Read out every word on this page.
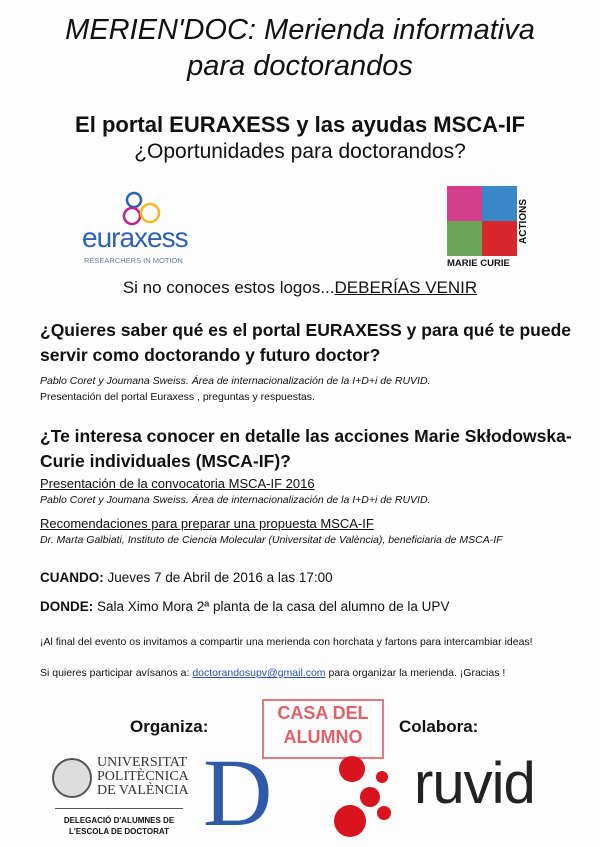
MERIEN'DOC: Merienda informativa
para doctorandos
El portal EURAXESS y las ayudas MSCA-IF
¿Oportunidades para doctorandos?
euraxess
RESEARCHERS IN MOTION
ACTIONS
MARIE CURIE
Si no conoces estos logos...DEBERÍAS VENIR
¿Quieres saber qué es el portal EURAXESS y para qué te puede
servir como doctorando y futuro doctor?
Pablo Coret y Joumana Sweiss. Área de internacionalización de la I+D+i de RUVID.
Presentación del portal Euraxess , preguntas y respuestas.
¿Te interesa conocer en detalle las acciones Marie Skłodowska-
Curie individuales (MSCA-IF)?
Presentación de la convocatoria MSCA-IF 2016
Pablo Coret y Joumana Sweiss. Área de internacionalización de la I+D+i de RUVID.
Recomendaciones para preparar una propuesta MSCA-IF
Dr. Marta Galbiati, Instituto de Ciencia Molecular (Universitat de València), beneficiaria de MSCA-IF
CUANDO: Jueves 7 de Abril de 2016 a las 17:00
DONDE: Sala Ximo Mora 2ª planta de la casa del alumno de la UPV
¡Al final del evento os invitamos a compartir una merienda con horchata y fartons para intercambiar ideas!
Si quieres participar avísanos a: doctorandosupv@gmail.com para organizar la merienda. ¡Gracias !
Organiza:	Colabora:
CASA DEL
ALUMNO
UNIVERSITAT
POLITÈCNICA
DE VALÈNCIA
DELEGACIÓ D'ALUMNES DE
L'ESCOLA DE DOCTORAT D ruvid
